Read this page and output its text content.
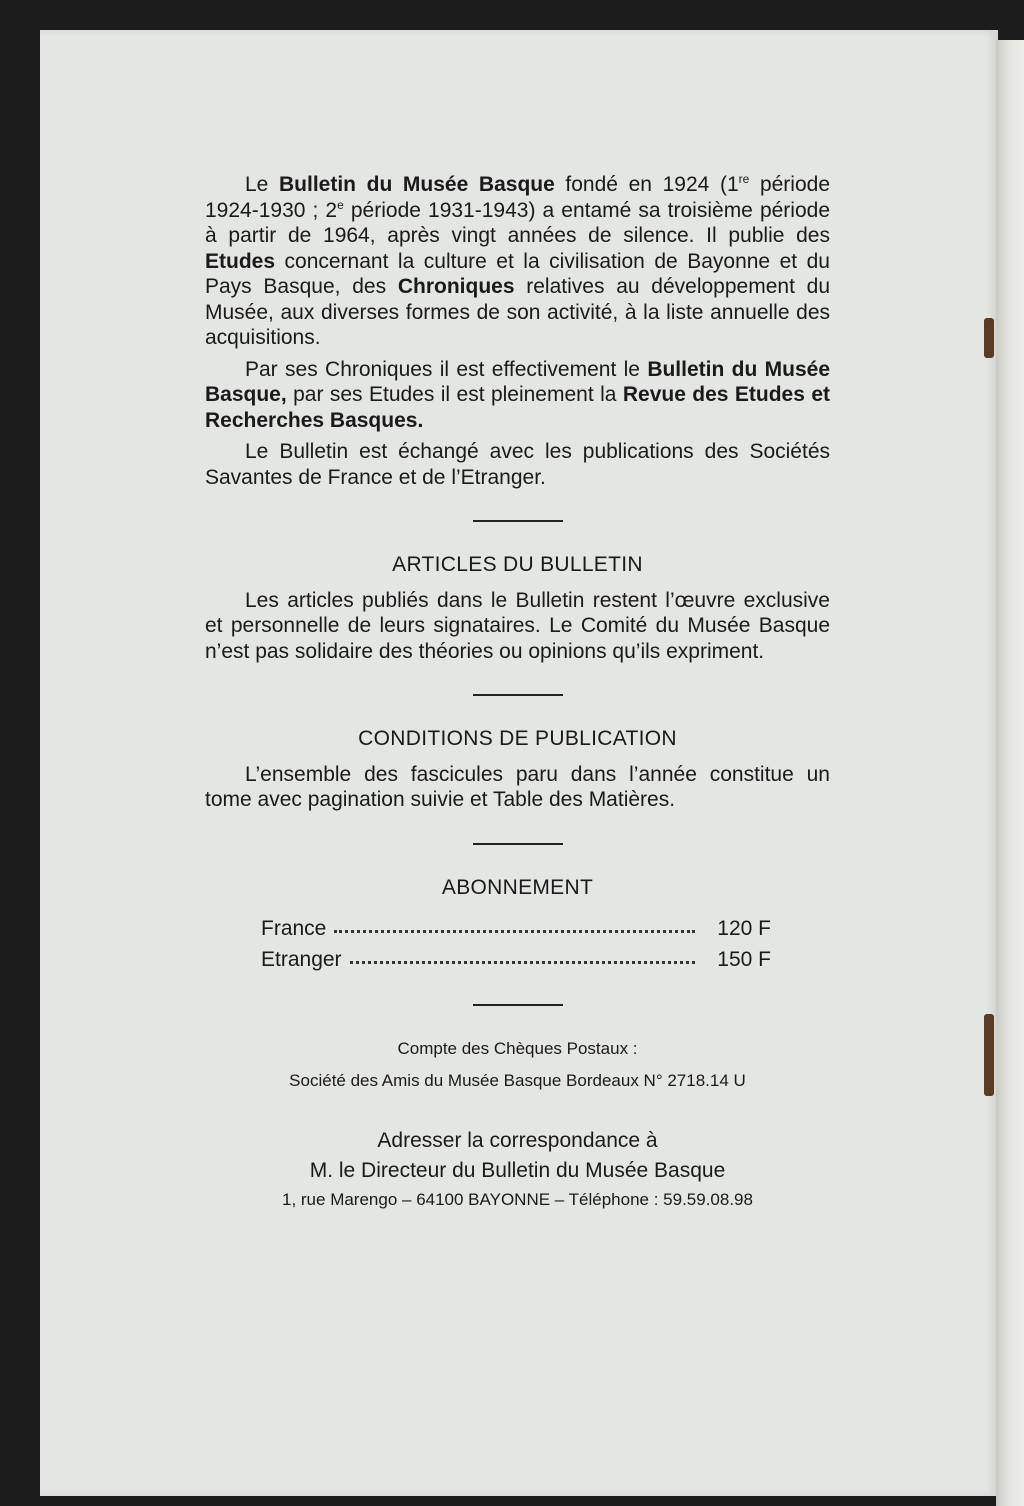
Le Bulletin du Musée Basque fondé en 1924 (1re période 1924-1930 ; 2e période 1931-1943) a entamé sa troisième période à partir de 1964, après vingt années de silence. Il publie des Etudes concernant la culture et la civilisation de Bayonne et du Pays Basque, des Chroniques relatives au développement du Musée, aux diverses formes de son activité, à la liste annuelle des acquisitions.

Par ses Chroniques il est effectivement le Bulletin du Musée Basque, par ses Etudes il est pleinement la Revue des Etudes et Recherches Basques.

Le Bulletin est échangé avec les publications des Sociétés Savantes de France et de l’Etranger.

ARTICLES DU BULLETIN

Les articles publiés dans le Bulletin restent l’œuvre exclusive et personnelle de leurs signataires. Le Comité du Musée Basque n’est pas solidaire des théories ou opinions qu’ils expriment.

CONDITIONS DE PUBLICATION

L’ensemble des fascicules paru dans l’année constitue un tome avec pagination suivie et Table des Matières.

ABONNEMENT
France	120 F
Etranger	150 F
Compte des Chèques Postaux :
Société des Amis du Musée Basque Bordeaux N° 2718.14 U
Adresser la correspondance à
M. le Directeur du Bulletin du Musée Basque
1, rue Marengo – 64100 BAYONNE – Téléphone : 59.59.08.98
